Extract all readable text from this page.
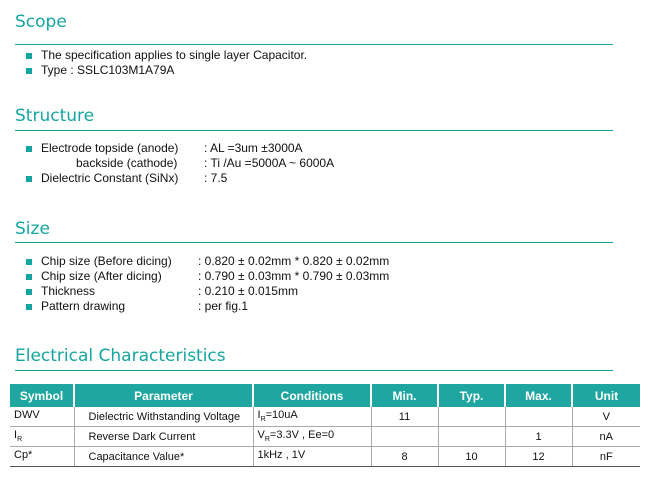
Scope
The specification applies to single layer Capacitor.
Type : SSLC103M1A79A
Structure
Electrode topside (anode) : AL =3um ±3000A
backside (cathode) : Ti /Au =5000A ~ 6000A
Dielectric Constant (SiNx) : 7.5
Size
Chip size (Before dicing) : 0.820 ± 0.02mm * 0.820 ± 0.02mm
Chip size (After dicing)	: 0.790 ± 0.03mm * 0.790 ± 0.03mm
Thickness	: 0.210 ± 0.015mm
Pattern drawing	: per fig.1
Electrical Characteristics
Symbol	Parameter	Conditions	Min.	Typ.	Max.	Unit
DWV	Dielectric Withstanding Voltage	$I_R=10uA$	11			V
$I_R$	Reverse Dark Current	$V_R=3.3V$ , Ee=0			1	nA
Cp*	Capacitance Value*	1kHz , 1V	8	10	12	nF
